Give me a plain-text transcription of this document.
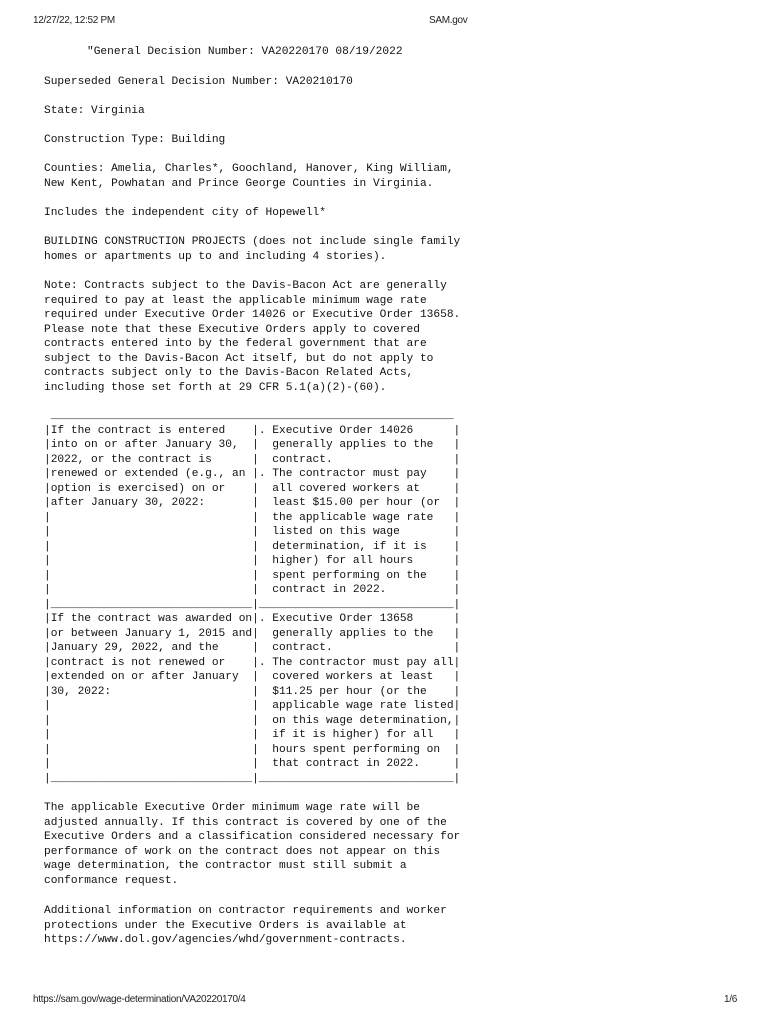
12/27/22, 12:52 PM	SAM.gov
"General Decision Number: VA20220170 08/19/2022
Superseded General Decision Number: VA20210170
State: Virginia
Construction Type: Building
Counties: Amelia, Charles*, Goochland, Hanover, King William,
New Kent, Powhatan and Prince George Counties in Virginia.
Includes the independent city of Hopewell*
BUILDING CONSTRUCTION PROJECTS (does not include single family
homes or apartments up to and including 4 stories).
Note: Contracts subject to the Davis-Bacon Act are generally
required to pay at least the applicable minimum wage rate
required under Executive Order 14026 or Executive Order 13658.
Please note that these Executive Orders apply to covered
contracts entered into by the federal government that are
subject to the Davis-Bacon Act itself, but do not apply to
contracts subject only to the Davis-Bacon Related Acts,
including those set forth at 29 CFR 5.1(a)(2)-(60).
____________________________________________________________
|If the contract is entered    |. Executive Order 14026      |
|into on or after January 30,  |  generally applies to the   |
|2022, or the contract is      |  contract.                  |
|renewed or extended (e.g., an |. The contractor must pay    |
|option is exercised) on or    |  all covered workers at     |
|after January 30, 2022:       |  least $15.00 per hour (or  |
|                              |  the applicable wage rate   |
|                              |  listed on this wage        |
|                              |  determination, if it is    |
|                              |  higher) for all hours      |
|                              |  spent performing on the    |
|                              |  contract in 2022.          |
|______________________________|_____________________________|
|If the contract was awarded on|. Executive Order 13658      |
|or between January 1, 2015 and|  generally applies to the   |
|January 29, 2022, and the     |  contract.                  |
|contract is not renewed or    |. The contractor must pay all|
|extended on or after January  |  covered workers at least   |
|30, 2022:                     |  $11.25 per hour (or the    |
|                              |  applicable wage rate listed|
|                              |  on this wage determination,|
|                              |  if it is higher) for all   |
|                              |  hours spent performing on  |
|                              |  that contract in 2022.     |
|______________________________|_____________________________|
The applicable Executive Order minimum wage rate will be
adjusted annually. If this contract is covered by one of the
Executive Orders and a classification considered necessary for
performance of work on the contract does not appear on this
wage determination, the contractor must still submit a
conformance request.
Additional information on contractor requirements and worker
protections under the Executive Orders is available at
https://www.dol.gov/agencies/whd/government-contracts.
https://sam.gov/wage-determination/VA20220170/4	1/6
